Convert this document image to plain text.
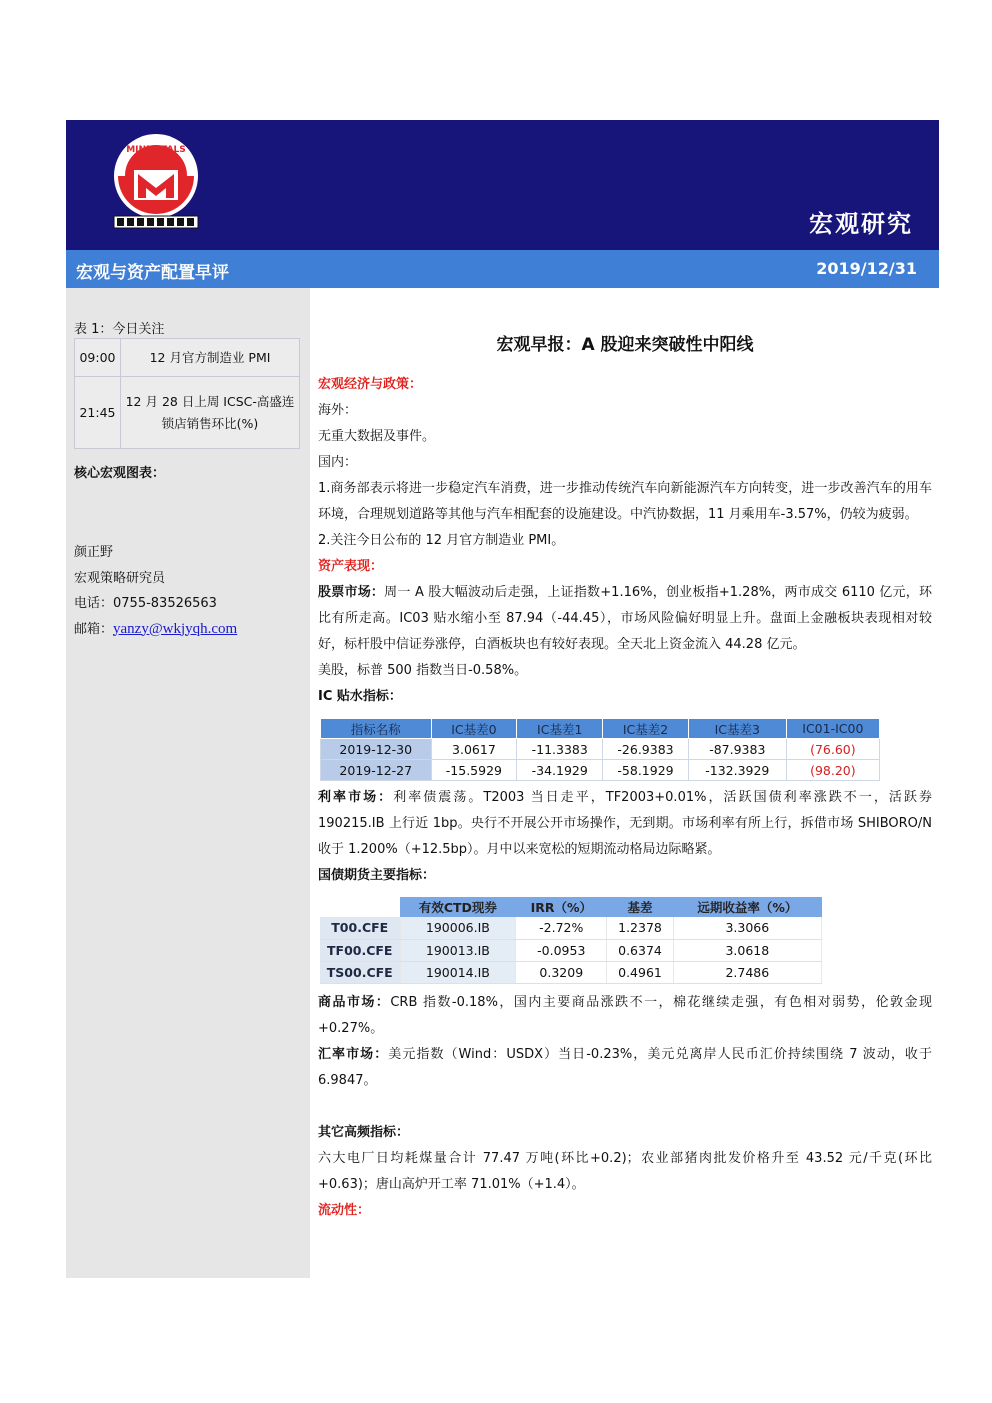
MINMETALS
宏观研究
宏观与资产配置早评	2019/12/31
表 1：今日关注
09:00	12 月官方制造业 PMI
21:45	12 月 28 日上周 ICSC-高盛连锁店销售环比(%)
核心宏观图表：
颜正野
宏观策略研究员
电话：0755-83526563
邮箱：yanzy@wkjyqh.com
宏观早报：A 股迎来突破性中阳线
宏观经济与政策：
海外：
无重大数据及事件。
国内：
1.商务部表示将进一步稳定汽车消费，进一步推动传统汽车向新能源汽车方向转变，进一步改善汽车的用车环境，合理规划道路等其他与汽车相配套的设施建设。中汽协数据，11 月乘用车-3.57%，仍较为疲弱。
2.关注今日公布的 12 月官方制造业 PMI。
资产表现：
股票市场：周一 A 股大幅波动后走强，上证指数+1.16%，创业板指+1.28%，两市成交 6110 亿元，环比有所走高。IC03 贴水缩小至 87.94（-44.45），市场风险偏好明显上升。盘面上金融板块表现相对较好，标杆股中信证券涨停，白酒板块也有较好表现。全天北上资金流入 44.28 亿元。
美股，标普 500 指数当日-0.58%。
IC 贴水指标：
指标名称	IC基差0	IC基差1	IC基差2	IC基差3	IC01-IC00
2019-12-30	3.0617	-11.3383	-26.9383	-87.9383	(76.60)
2019-12-27	-15.5929	-34.1929	-58.1929	-132.3929	(98.20)
利率市场：利率债震荡。T2003 当日走平，TF2003+0.01%，活跃国债利率涨跌不一，活跃券 190215.IB 上行近 1bp。央行不开展公开市场操作，无到期。市场利率有所上行，拆借市场 SHIBORO/N 收于 1.200%（+12.5bp）。月中以来宽松的短期流动格局边际略紧。
国债期货主要指标：
	有效CTD现券	IRR（%）	基差	远期收益率（%）
T00.CFE	190006.IB	-2.72%	1.2378	3.3066
TF00.CFE	190013.IB	-0.0953	0.6374	3.0618
TS00.CFE	190014.IB	0.3209	0.4961	2.7486
商品市场：CRB 指数-0.18%，国内主要商品涨跌不一，棉花继续走强，有色相对弱势，伦敦金现+0.27%。
汇率市场：美元指数（Wind：USDX）当日-0.23%，美元兑离岸人民币汇价持续围绕 7 波动，收于 6.9847。
其它高频指标：
六大电厂日均耗煤量合计 77.47 万吨(环比+0.2)；农业部猪肉批发价格升至 43.52 元/千克(环比+0.63)；唐山高炉开工率 71.01%（+1.4）。
流动性：
